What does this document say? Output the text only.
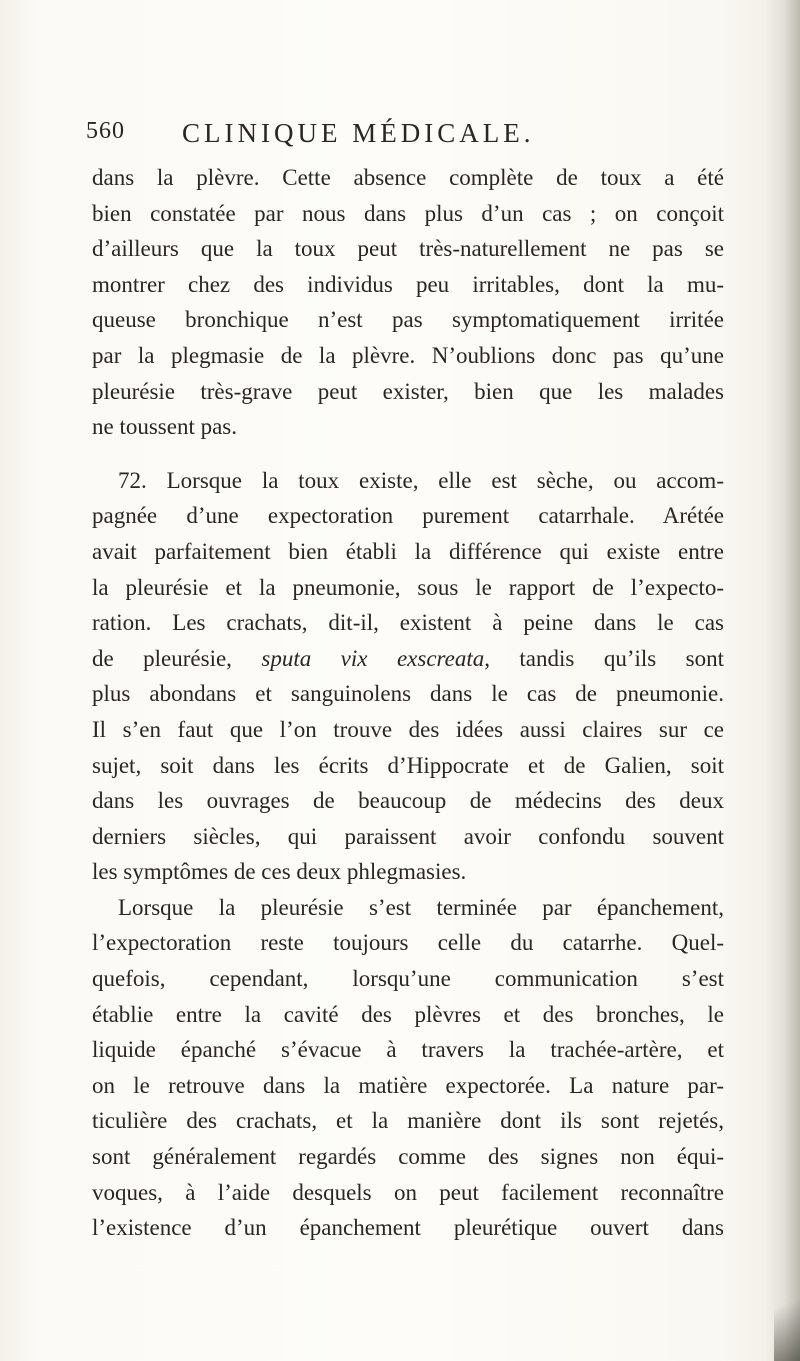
560 CLINIQUE MÉDICALE.
dans la plèvre. Cette absence complète de toux a été
bien constatée par nous dans plus d’un cas ; on conçoit
d’ailleurs que la toux peut très-naturellement ne pas se
montrer chez des individus peu irritables, dont la mu-
queuse bronchique n’est pas symptomatiquement irritée
par la plegmasie de la plèvre. N’oublions donc pas qu’une
pleurésie très-grave peut exister, bien que les malades
ne toussent pas.
72. Lorsque la toux existe, elle est sèche, ou accom-
pagnée d’une expectoration purement catarrhale. Arétée
avait parfaitement bien établi la différence qui existe entre
la pleurésie et la pneumonie, sous le rapport de l’expecto-
ration. Les crachats, dit-il, existent à peine dans le cas
de pleurésie, sputa vix exscreata, tandis qu’ils sont
plus abondans et sanguinolens dans le cas de pneumonie.
Il s’en faut que l’on trouve des idées aussi claires sur ce
sujet, soit dans les écrits d’Hippocrate et de Galien, soit
dans les ouvrages de beaucoup de médecins des deux
derniers siècles, qui paraissent avoir confondu souvent
les symptômes de ces deux phlegmasies.
Lorsque la pleurésie s’est terminée par épanchement,
l’expectoration reste toujours celle du catarrhe. Quel-
quefois, cependant, lorsqu’une communication s’est
établie entre la cavité des plèvres et des bronches, le
liquide épanché s’évacue à travers la trachée-artère, et
on le retrouve dans la matière expectorée. La nature par-
ticulière des crachats, et la manière dont ils sont rejetés,
sont généralement regardés comme des signes non équi-
voques, à l’aide desquels on peut facilement reconnaître
l’existence d’un épanchement pleurétique ouvert dans
